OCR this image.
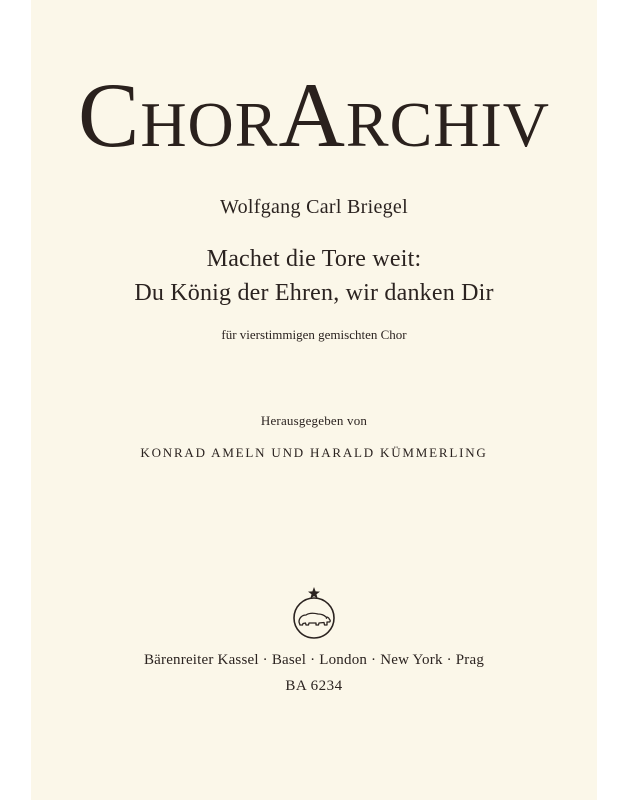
ChorArchiv
Wolfgang Carl Briegel
Machet die Tore weit:
Du König der Ehren, wir danken Dir
für vierstimmigen gemischten Chor
Herausgegeben von
KONRAD AMELN UND HARALD KÜMMERLING
Bärenreiter Kassel · Basel · London · New York · Prag
BA 6234
